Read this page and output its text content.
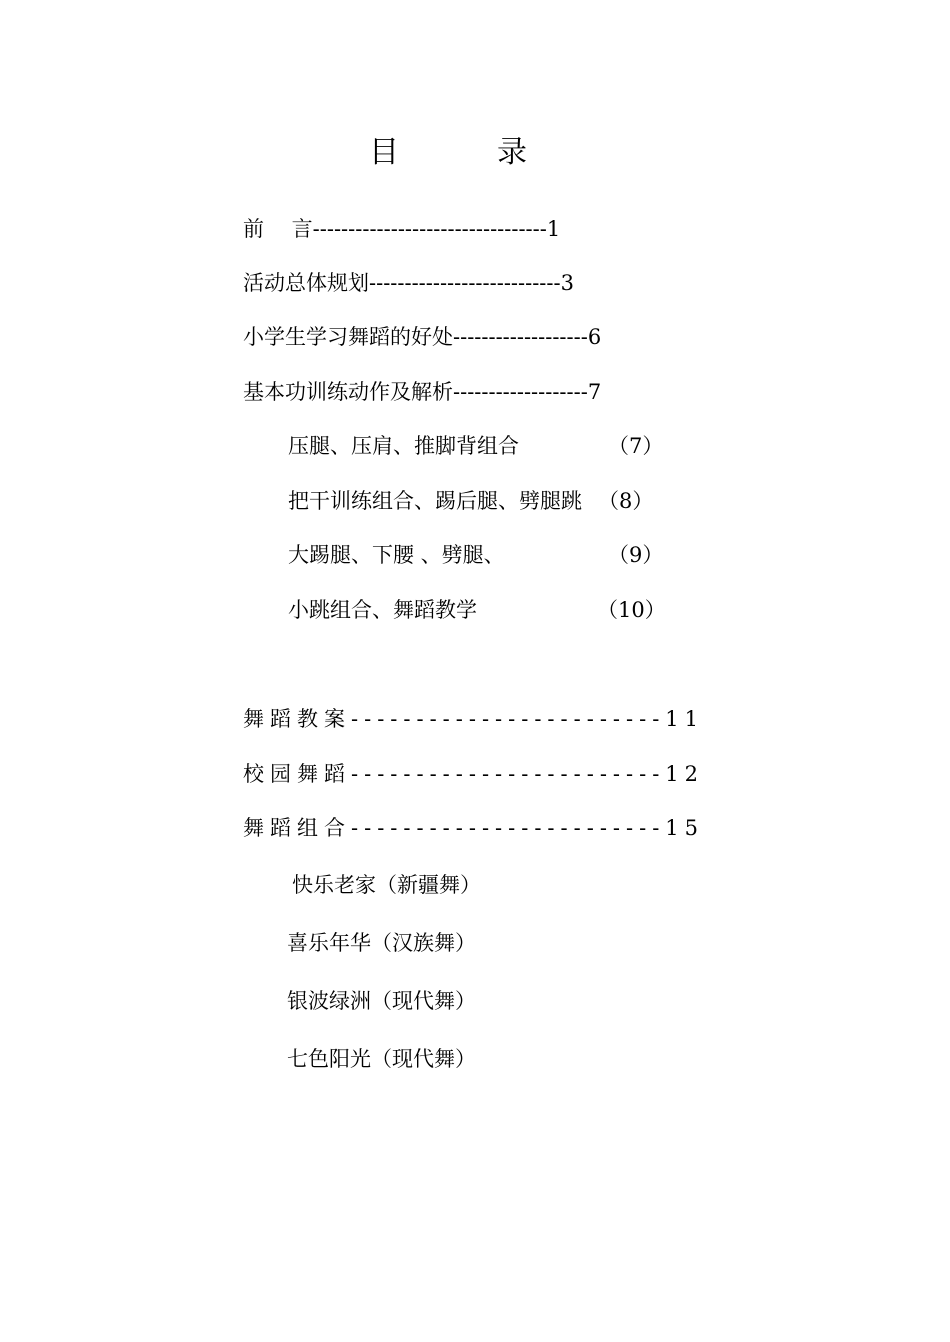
目　录
前　 言---------------------------------1
活动总体规划---------------------------3
小学生学习舞蹈的好处-------------------6
基本功训练动作及解析-------------------7
压腿、压肩、推脚背组合	（7）
把干训练组合、踢后腿、劈腿跳 （8）
大踢腿、下腰 、劈腿、	（9）
小跳组合、舞蹈教学	（10）
舞蹈教案------------------------11
校园舞蹈------------------------12
舞蹈组合------------------------15
快乐老家（新疆舞）
喜乐年华（汉族舞）
银波绿洲（现代舞）
七色阳光（现代舞）
